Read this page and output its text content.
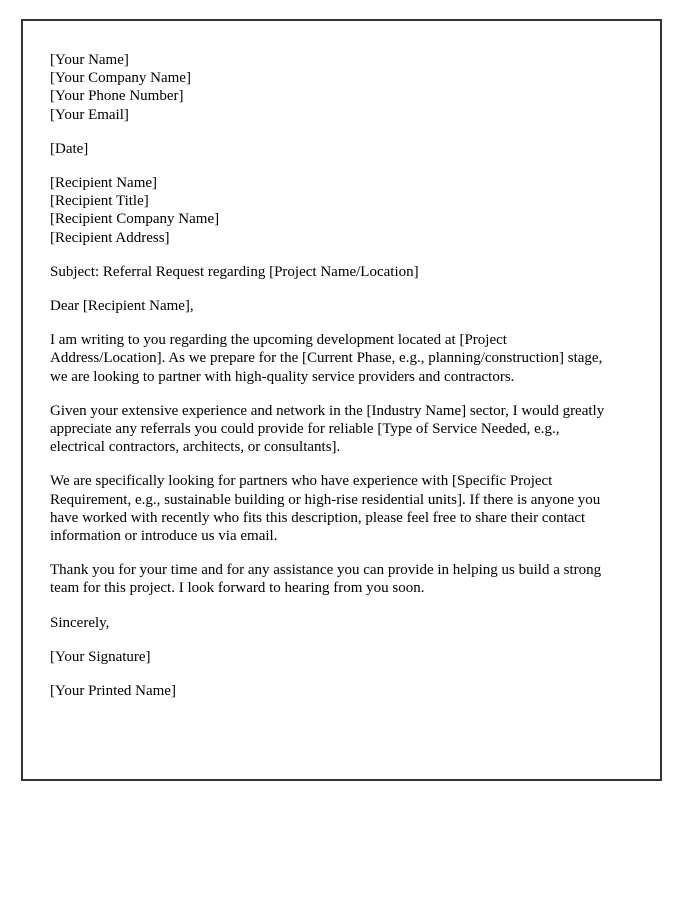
[Your Name]
[Your Company Name]
[Your Phone Number]
[Your Email]
[Date]
[Recipient Name]
[Recipient Title]
[Recipient Company Name]
[Recipient Address]

Subject: Referral Request regarding [Project Name/Location]

Dear [Recipient Name],

I am writing to you regarding the upcoming development located at [Project Address/Location]. As we prepare for the [Current Phase, e.g., planning/construction] stage, we are looking to partner with high-quality service providers and contractors.

Given your extensive experience and network in the [Industry Name] sector, I would greatly appreciate any referrals you could provide for reliable [Type of Service Needed, e.g., electrical contractors, architects, or consultants].

We are specifically looking for partners who have experience with [Specific Project Requirement, e.g., sustainable building or high-rise residential units]. If there is anyone you have worked with recently who fits this description, please feel free to share their contact information or introduce us via email.

Thank you for your time and for any assistance you can provide in helping us build a strong team for this project. I look forward to hearing from you soon.

Sincerely,

[Your Signature]

[Your Printed Name]
